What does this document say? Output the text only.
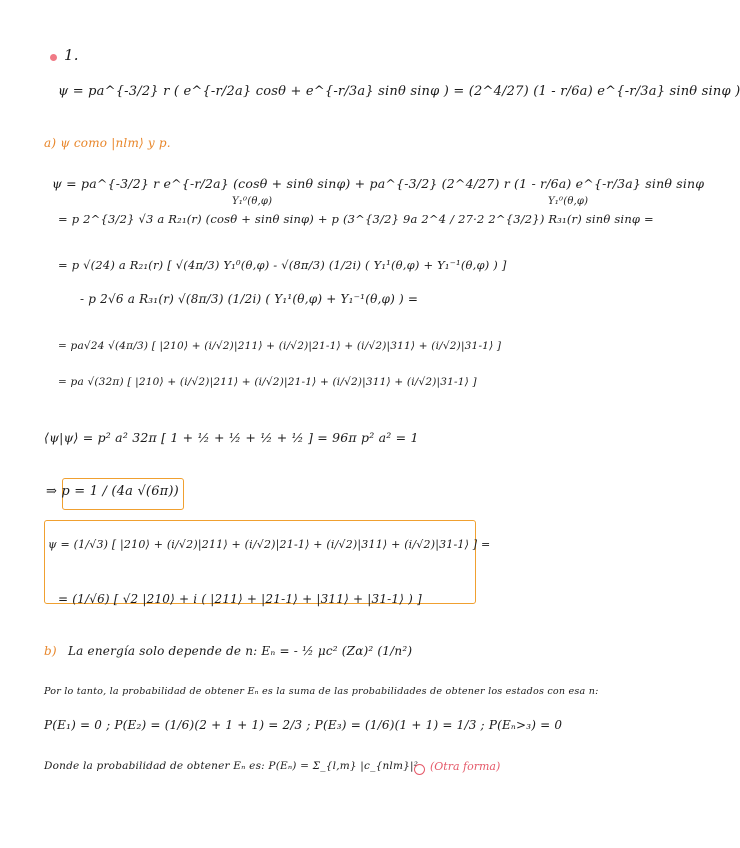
1.
ψ = pa^{-3/2} r ( e^{-r/2a} cosθ + e^{-r/3a} sinθ sinφ ) = (2^4/27) (1 - r/6a) e^{-r/3a} sinθ sinφ )
a) ψ como |nlm⟩ y p.
ψ = pa^{-3/2} r e^{-r/2a} (cosθ + sinθ sinφ) + pa^{-3/2} (2^4/27) r (1 - r/6a) e^{-r/3a} sinθ sinφ
Y₁⁰(θ,φ)	Y₁⁰(θ,φ)
= p 2^{3/2} √3 a R₂₁(r) (cosθ + sinθ sinφ) + p (3^{3/2} 9a 2^4 / 27·2 2^{3/2}) R₃₁(r) sinθ sinφ =
= p √(24) a R₂₁(r) [ √(4π/3) Y₁⁰(θ,φ) - √(8π/3) (1/2i) ( Y₁¹(θ,φ) + Y₁⁻¹(θ,φ) ) ]
- p 2√6 a R₃₁(r) √(8π/3) (1/2i) ( Y₁¹(θ,φ) + Y₁⁻¹(θ,φ) ) =
= pa√24 √(4π/3) [ |210⟩ + (i/√2)|211⟩ + (i/√2)|21-1⟩ + (i/√2)|311⟩ + (i/√2)|31-1⟩ ]
= pa √(32π) [ |210⟩ + (i/√2)|211⟩ + (i/√2)|21-1⟩ + (i/√2)|311⟩ + (i/√2)|31-1⟩ ]
⟨ψ|ψ⟩ = p² a² 32π [ 1 + ½ + ½ + ½ + ½ ] = 96π p² a² = 1
⇒ p = 1 / (4a √(6π))
ψ = (1/√3) [ |210⟩ + (i/√2)|211⟩ + (i/√2)|21-1⟩ + (i/√2)|311⟩ + (i/√2)|31-1⟩ ] =
= (1/√6) [ √2 |210⟩ + i ( |211⟩ + |21-1⟩ + |311⟩ + |31-1⟩ ) ]
b) La energía solo depende de n: Eₙ = - ½ μc² (Zα)² (1/n²)
Por lo tanto, la probabilidad de obtener Eₙ es la suma de las probabilidades de obtener los estados con esa n:
P(E₁) = 0 ; P(E₂) = (1/6)(2 + 1 + 1) = 2/3 ; P(E₃) = (1/6)(1 + 1) = 1/3 ; P(Eₙ>₃) = 0
Donde la probabilidad de obtener Eₙ es: P(Eₙ) = Σ_{l,m} |c_{nlm}|² (Otra forma)
